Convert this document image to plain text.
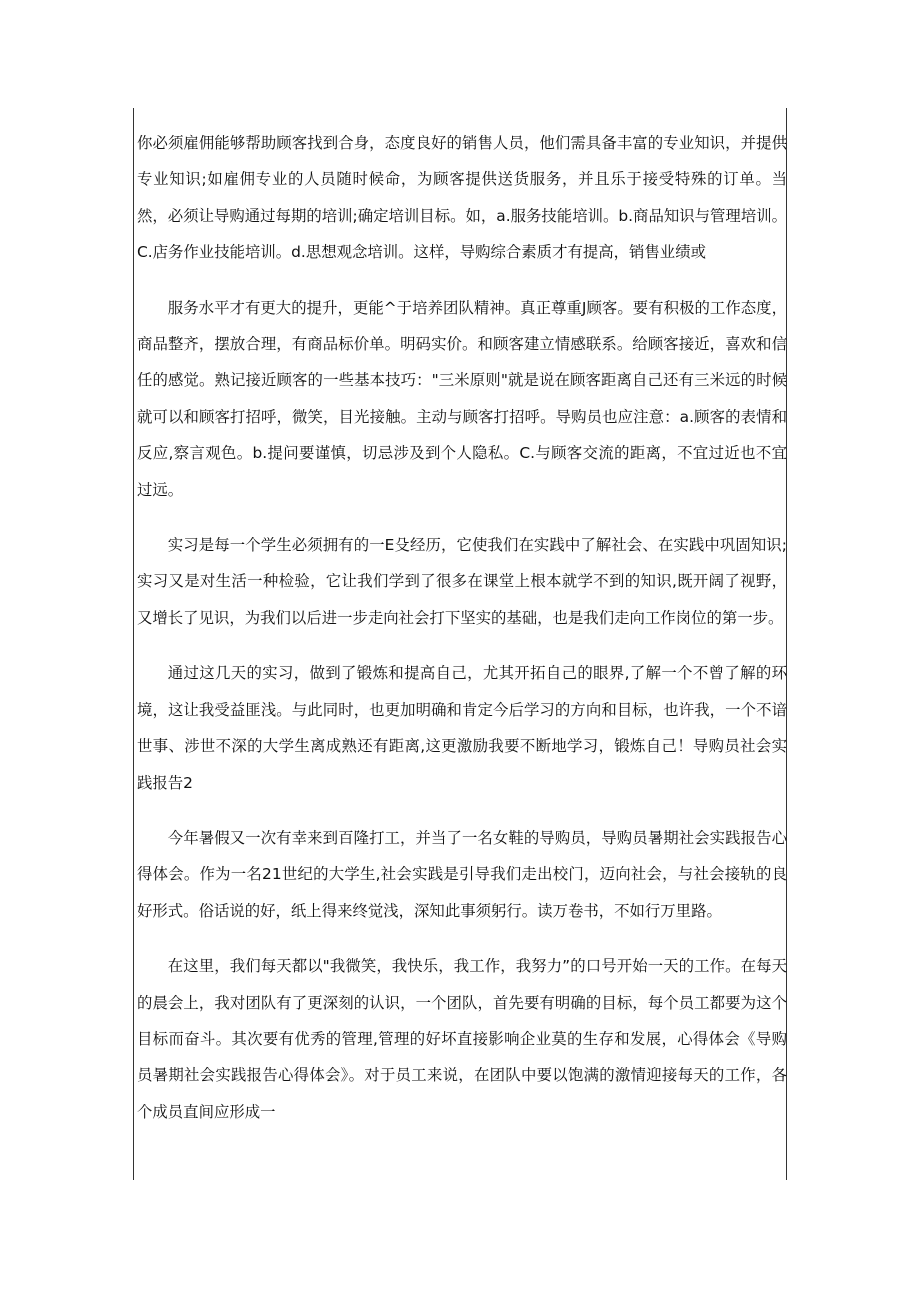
你必须雇佣能够帮助顾客找到合身，态度良好的销售人员，他们需具备丰富的专业知识，并提供专业知识;如雇佣专业的人员随时候命，为顾客提供送货服务，并且乐于接受特殊的订单。当然，必须让导购通过每期的培训;确定培训目标。如，a.服务技能培训。b.商品知识与管理培训。C.店务作业技能培训。d.思想观念培训。这样，导购综合素质才有提高，销售业绩或

服务水平才有更大的提升，更能^于培养团队精神。真正尊重J顾客。要有积极的工作态度，商品整齐，摆放合理，有商品标价单。明码实价。和顾客建立情感联系。给顾客接近，喜欢和信任的感觉。熟记接近顾客的一些基本技巧："三米原则"就是说在顾客距离自己还有三米远的时候就可以和顾客打招呼，微笑，目光接触。主动与顾客打招呼。导购员也应注意：a.顾客的表情和反应,察言观色。b.提问要谨慎，切忌涉及到个人隐私。C.与顾客交流的距离，不宜过近也不宜过远。

实习是每一个学生必须拥有的一E殳经历，它使我们在实践中了解社会、在实践中巩固知识;实习又是对生活一种检验，它让我们学到了很多在课堂上根本就学不到的知识,既开阔了视野，又增长了见识，为我们以后进一步走向社会打下坚实的基础，也是我们走向工作岗位的第一步。

通过这几天的实习，做到了锻炼和提高自己，尤其开拓自己的眼界,了解一个不曾了解的环境，这让我受益匪浅。与此同时，也更加明确和肯定今后学习的方向和目标，也许我，一个不谙世事、涉世不深的大学生离成熟还有距离,这更激励我要不断地学习，锻炼自己！导购员社会实践报告2

今年暑假又一次有幸来到百隆打工，并当了一名女鞋的导购员，导购员暑期社会实践报告心得体会。作为一名21世纪的大学生,社会实践是引导我们走出校门，迈向社会，与社会接轨的良好形式。俗话说的好，纸上得来终觉浅，深知此事须躬行。读万卷书，不如行万里路。

在这里，我们每天都以"我微笑，我快乐，我工作，我努力”的口号开始一天的工作。在每天的晨会上，我对团队有了更深刻的认识，一个团队，首先要有明确的目标，每个员工都要为这个目标而奋斗。其次要有优秀的管理,管理的好坏直接影响企业莫的生存和发展，心得体会《导购员暑期社会实践报告心得体会》。对于员工来说，在团队中要以饱满的激情迎接每天的工作，各个成员直间应形成一
